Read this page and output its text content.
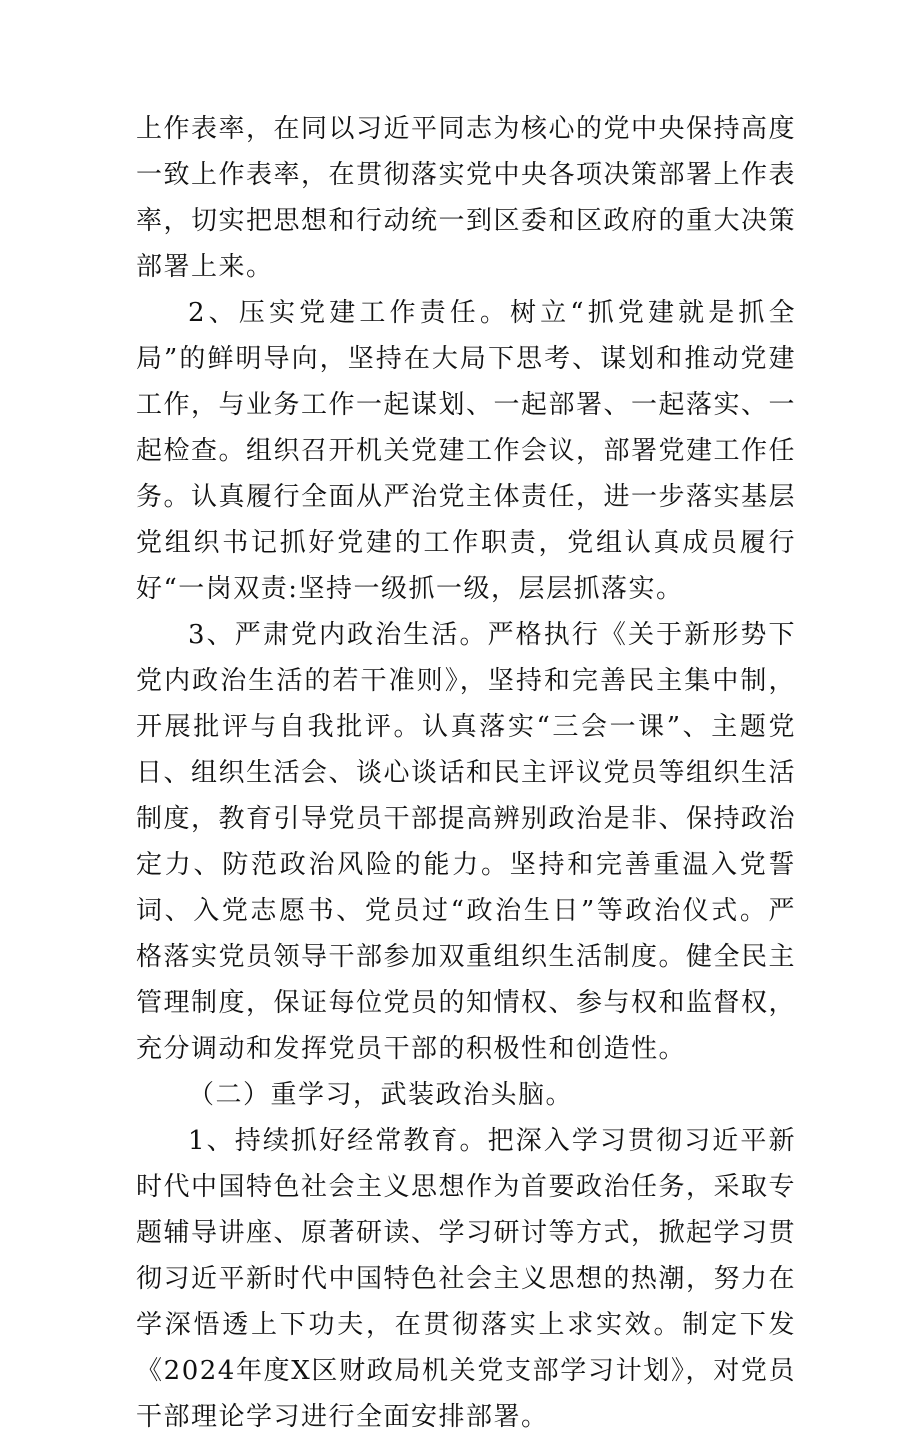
上作表率，在同以习近平同志为核心的党中央保持高度一致上作表率，在贯彻落实党中央各项决策部署上作表率，切实把思想和行动统一到区委和区政府的重大决策部署上来。

2、压实党建工作责任。树立“抓党建就是抓全局”的鲜明导向，坚持在大局下思考、谋划和推动党建工作，与业务工作一起谋划、一起部署、一起落实、一起检查。组织召开机关党建工作会议，部署党建工作任务。认真履行全面从严治党主体责任，进一步落实基层党组织书记抓好党建的工作职责，党组认真成员履行好“一岗双责:坚持一级抓一级，层层抓落实。

3、严肃党内政治生活。严格执行《关于新形势下党内政治生活的若干准则》，坚持和完善民主集中制，开展批评与自我批评。认真落实“三会一课”、主题党日、组织生活会、谈心谈话和民主评议党员等组织生活制度，教育引导党员干部提高辨别政治是非、保持政治定力、防范政治风险的能力。坚持和完善重温入党誓词、入党志愿书、党员过“政治生日”等政治仪式。严格落实党员领导干部参加双重组织生活制度。健全民主管理制度，保证每位党员的知情权、参与权和监督权，充分调动和发挥党员干部的积极性和创造性。

（二）重学习，武装政治头脑。

1、持续抓好经常教育。把深入学习贯彻习近平新时代中国特色社会主义思想作为首要政治任务，采取专题辅导讲座、原著研读、学习研讨等方式，掀起学习贯彻习近平新时代中国特色社会主义思想的热潮，努力在学深悟透上下功夫，在贯彻落实上求实效。制定下发《2024年度X区财政局机关党支部学习计划》，对党员干部理论学习进行全面安排部署。
